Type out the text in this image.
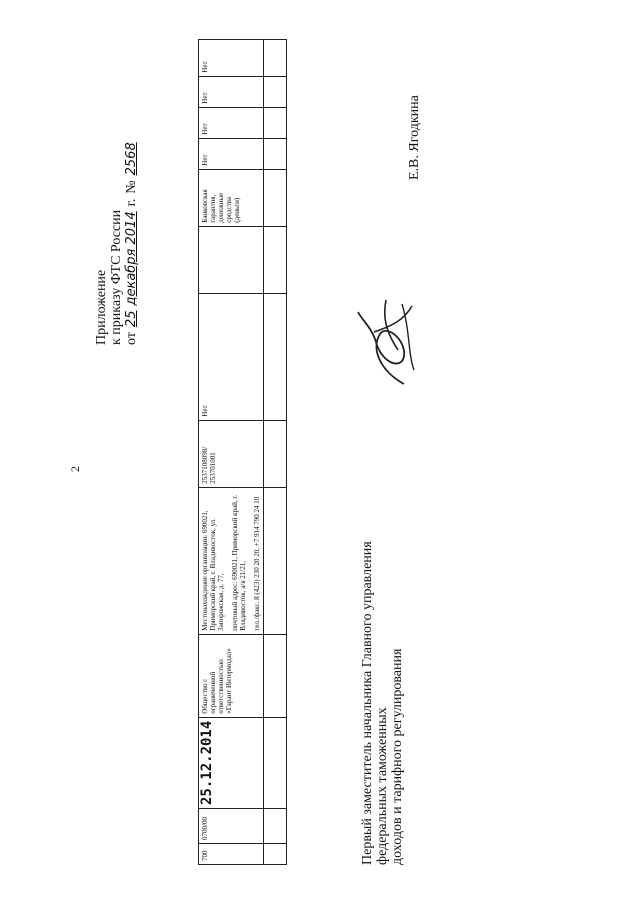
2
Приложение к приказу ФТС России от
25
декабря 2014
г.
№
2568
700	0700/00	25.12.2014	Общество с ограниченной ответственностью «Гарант Интермодал»	Местонахождение организации: 690021, Приморский край, г. Владивосток, ул. Запорожская, д. 77, почтовый адрес: 690021, Приморский край, г. Владивосток, а/я 21/21, тел./факс. 8 (423) 230 20 20, +7 914 790 24 10	2537108098/ 253701001	Нет		Банковская гарантия, денежные средства (деньги)	Нет	Нет	Нет	Нет

Первый заместитель начальника Главного управления федеральных таможенных доходов и тарифного регулирования
Е.В. Ягодкина
